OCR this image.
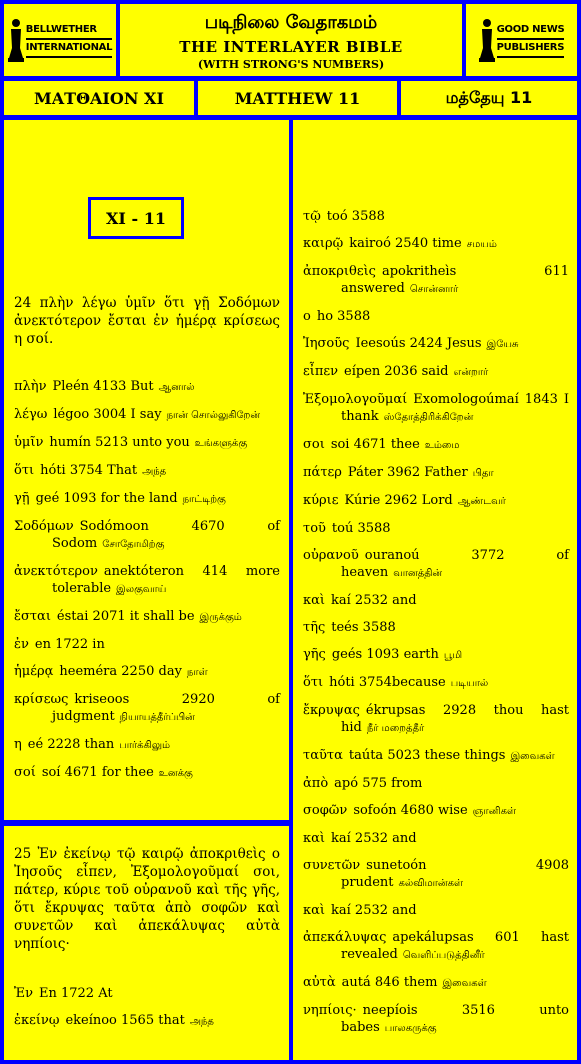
BELLWETHER
INTERNATIONAL
படிநிலை வேதாகமம்
THE INTERLAYER BIBLE
(WITH STRONG'S NUMBERS)
GOOD NEWS
PUBLISHERS
ΜΑΤΘΑΙΟΝ XI	MATTHEW 11	மத்தேயு 11
XI - 11
24 πλὴν λέγω ὑμῖν ὅτι γῇ Σοδόμων ἀνεκτότερον ἔσται ἐν ἡμέρᾳ κρίσεως η σοί.
πλὴν Pleén 4133 But ஆனால்
λέγω légoo 3004 I say நான் சொல்லுகிறேன்
ὑμῖν humín 5213 unto you உங்களுக்கு
ὅτι hóti 3754 That அந்த
γῇ geé 1093 for the land நாட்டிற்கு
Σοδόμων Sodómoon 4670 of Sodom சோதோமிற்கு
ἀνεκτότερον anektóteron 414 more tolerable இலகுவாய்
ἔσται éstai 2071 it shall be இருக்கும்
ἐν en 1722 in
ἡμέρᾳ heeméra 2250 day நாள்
κρίσεως kriseoos 2920 of judgment நியாயத்தீர்ப்பின்
η eé 2228 than பார்க்கிலும்
σοί soí 4671 for thee உனக்கு
25 Ἐν ἐκείνῳ τῷ καιρῷ ἀποκριθεὶς ο Ἰησοῦς εἶπεν, Ἐξομολογοῦμαί σοι, πάτερ, κύριε τοῦ οὐρανοῦ καὶ τῆς γῆς, ὅτι ἔκρυψας ταῦτα ἀπὸ σοφῶν καὶ συνετῶν καὶ ἀπεκάλυψας αὐτὰ νηπίοις·
Ἐν En 1722 At
ἐκείνῳ ekeínoo 1565 that அந்த
τῷ toó 3588
καιρῷ kairoó 2540 time சமயம்
ἀποκριθεὶς apokritheìs 611 answered சொன்னார்
ο ho 3588
Ἰησοῦς Ieesoús 2424 Jesus இயேசு
εἶπεν eípen 2036 said என்றார்
Ἐξομολογοῦμαί Exomologoúmaí 1843 I thank ஸ்தோத்திரிக்கிறேன்
σοι soi 4671 thee உம்மை
πάτερ Páter 3962 Father பிதா
κύριε Kúrie 2962 Lord ஆண்டவர்
τοῦ toú 3588
οὐρανοῦ ouranoú 3772 of heaven வானத்தின்
καὶ kaí 2532 and
τῆς teés 3588
γῆς geés 1093 earth பூமி
ὅτι hóti 3754because படியால்
ἔκρυψας ékrupsas 2928 thou hast hid நீர் மறைத்தீர்
ταῦτα taúta 5023 these things இவைகள்
ἀπὸ apó 575 from
σοφῶν sofoón 4680 wise ஞானிகள்
καὶ kaí 2532 and
συνετῶν sunetoón 4908 prudent கல்விமான்கள்
καὶ kaí 2532 and
ἀπεκάλυψας apekálupsas 601 hast revealed வெளிப்படுத்தினீர்
αὐτὰ autá 846 them இவைகள்
νηπίοις· neepíois 3516 unto babes பாலகருக்கு
